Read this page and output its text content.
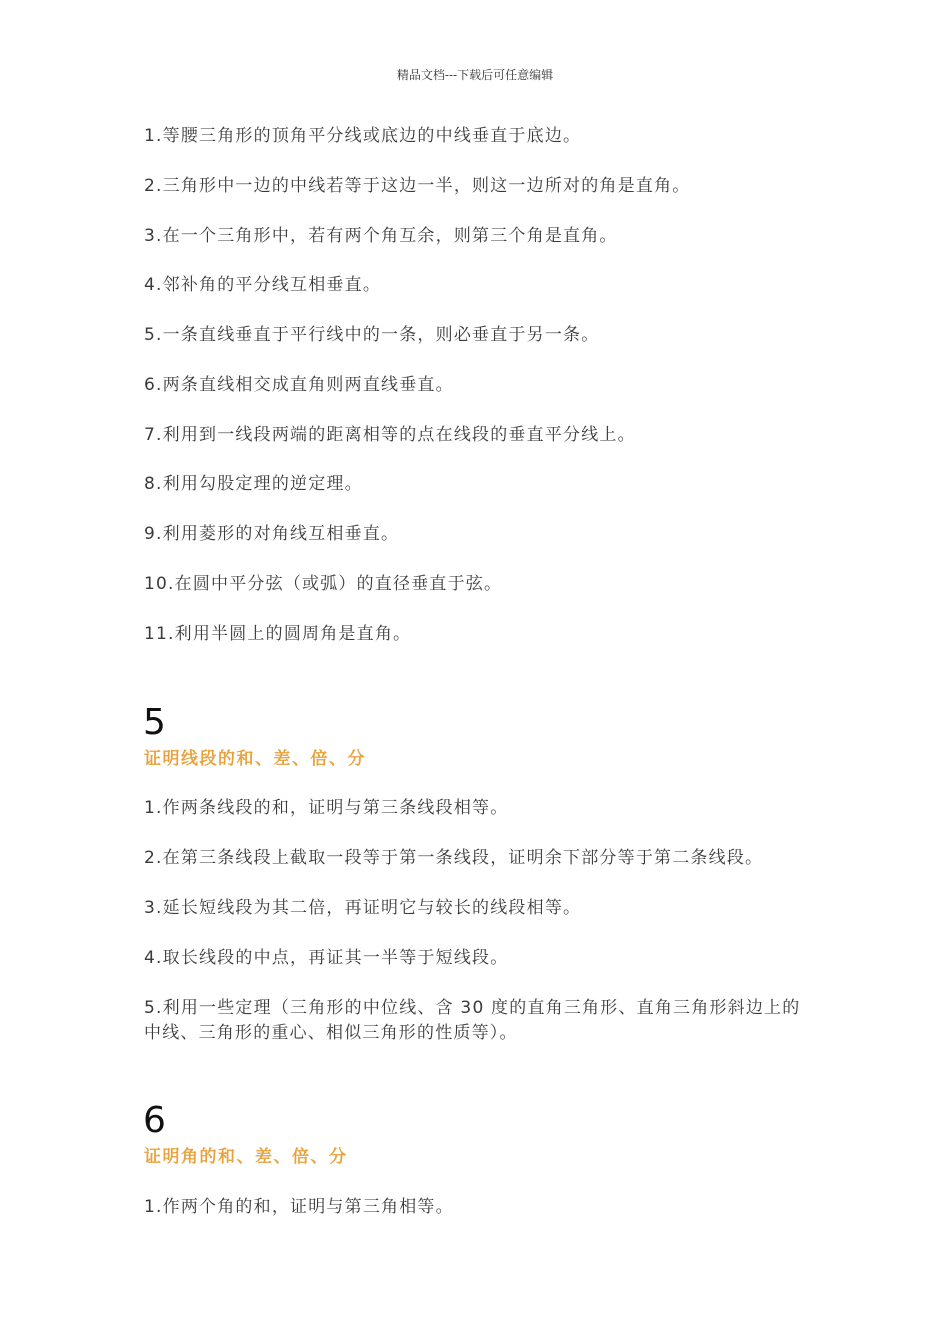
精品文档---下载后可任意编辑
1.等腰三角形的顶角平分线或底边的中线垂直于底边。
2.三角形中一边的中线若等于这边一半，则这一边所对的角是直角。
3.在一个三角形中，若有两个角互余，则第三个角是直角。
4.邻补角的平分线互相垂直。
5.一条直线垂直于平行线中的一条，则必垂直于另一条。
6.两条直线相交成直角则两直线垂直。
7.利用到一线段两端的距离相等的点在线段的垂直平分线上。
8.利用勾股定理的逆定理。
9.利用菱形的对角线互相垂直。
10.在圆中平分弦（或弧）的直径垂直于弦。
11.利用半圆上的圆周角是直角。
5
证明线段的和、差、倍、分
1.作两条线段的和，证明与第三条线段相等。
2.在第三条线段上截取一段等于第一条线段，证明余下部分等于第二条线段。
3.延长短线段为其二倍，再证明它与较长的线段相等。
4.取长线段的中点，再证其一半等于短线段。
5.利用一些定理（三角形的中位线、含 30 度的直角三角形、直角三角形斜边上的中线、三角形的重心、相似三角形的性质等）。
6
证明角的和、差、倍、分
1.作两个角的和，证明与第三角相等。
